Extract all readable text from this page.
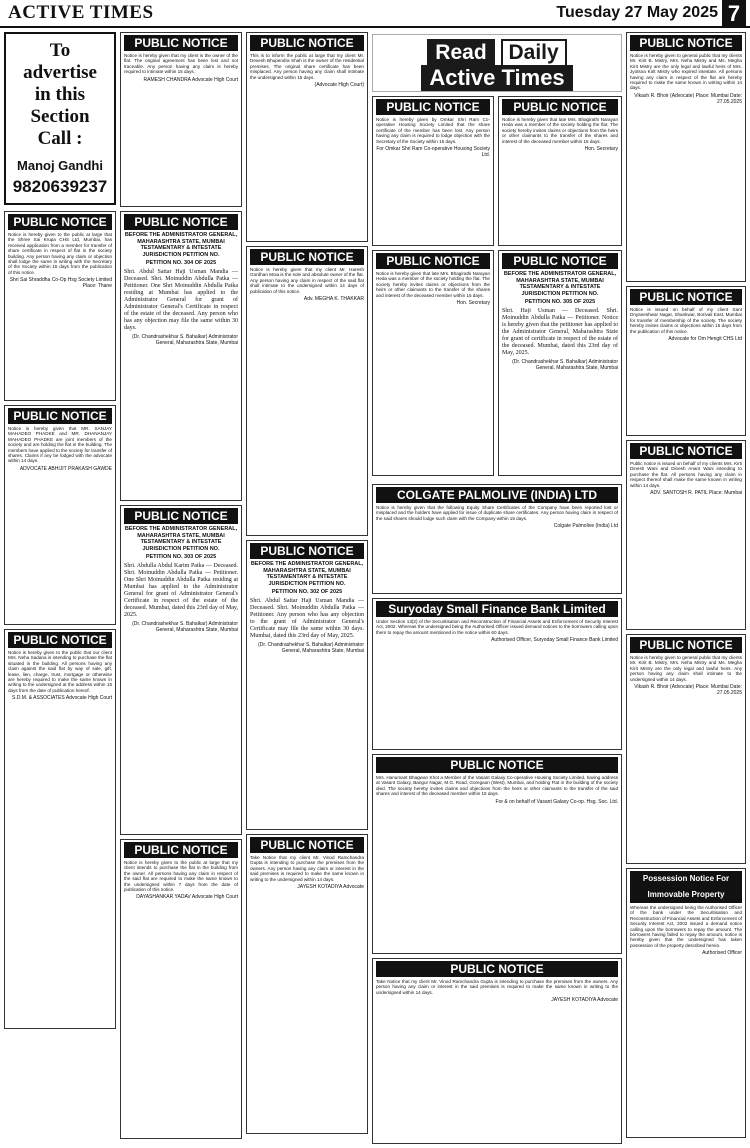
ACTIVE TIMES	Tuesday 27 May 2025 7
To
advertise
in this
Section
Call :
Manoj Gandhi
9820639237
PUBLIC NOTICE
Notice is hereby given to the public at large that the Shree Sai Krupa CHS Ltd, Mumbai, has received application from a member for transfer of share certificate in respect of flat in the society building. Any person having any claim or objection shall lodge the same in writing with the Secretary of the Society within 15 days from the publication of this notice.
Shri Sai Shraddha Co-Op Hsg Society Limited Place: Thane
PUBLIC NOTICE
Notice is hereby given that MR. SANJAY MAHADEO PHADKE and MR. DHANANJAY MAHADEO PHADKE are joint members of the society and are holding the flat in the building. The members have applied to the society for transfer of shares. Claims if any be lodged with the advocate within 14 days.
ADVOCATE ABHIJIT PRAKASH GAWDE
PUBLIC NOTICE
Notice is hereby given to the public that our client Mrs. Neha Sadana is intending to purchase the flat situated in the building. All persons having any claim against the said flat by way of sale, gift, lease, lien, charge, trust, mortgage or otherwise are hereby required to make the same known in writing to the undersigned at the address within 15 days from the date of publication hereof.
S.D.M. & ASSOCIATES Advocate High Court
PUBLIC NOTICE
Notice is hereby given that my client is the owner of the flat. The original agreement has been lost and not traceable. Any person having any claim is hereby required to intimate within 15 days.
RAMESH CHANDRA Advocate High Court
PUBLIC NOTICE
BEFORE THE ADMINISTRATOR GENERAL, MAHARASHTRA STATE, MUMBAI TESTAMENTARY & INTESTATE JURISDICTION PETITION NO.
PETITION NO. 304 OF 2025
Shri. Abdul Sattar Haji Usman Mandia — Deceased. Shri. Moinuddin Abdulla Patka — Petitioner. One Shri Moinuddin Abdulla Patka residing at Mumbai has applied to the Administrator General for grant of Administrator General's Certificate in respect of the estate of the deceased. Any person who has any objection may file the same within 30 days.
(Dr. Chandrashekhar S. Bahalkar) Administrator General, Maharashtra State, Mumbai
PUBLIC NOTICE
BEFORE THE ADMINISTRATOR GENERAL, MAHARASHTRA STATE, MUMBAI TESTAMENTARY & INTESTATE JURISDICTION PETITION NO.
PETITION NO. 303 OF 2025
Shri. Abdulla Abdul Karim Patka — Deceased. Shri. Moinuddin Abdulla Patka — Petitioner. One Shri Moinuddin Abdulla Patka residing at Mumbai has applied to the Administrator General for grant of Administrator General's Certificate in respect of the estate of the deceased. Mumbai, dated this 23rd day of May, 2025.
(Dr. Chandrashekhar S. Bahalkar) Administrator General, Maharashtra State, Mumbai
PUBLIC NOTICE
Notice is hereby given to the public at large that my client intends to purchase the flat in the building from the owner. All persons having any claim in respect of the said flat are required to make the same known to the undersigned within 7 days from the date of publication of this notice.
DAYASHANKAR YADAV Advocate High Court
PUBLIC NOTICE
This is to inform the public at large that my client Mr. Devesh Bhupendra Shah is the owner of the residential premises. The original share certificate has been misplaced. Any person having any claim shall intimate the undersigned within 15 days.
(Advocate High Court)
PUBLIC NOTICE
Notice is hereby given that my client Mr. Haresh Gordhan Moia is the sole and absolute owner of the flat. Any person having any claim in respect of the said flat shall intimate to the undersigned within 14 days of publication of this notice.
Adv. MEGHA K. THAKKAR
PUBLIC NOTICE
BEFORE THE ADMINISTRATOR GENERAL, MAHARASHTRA STATE, MUMBAI TESTAMENTARY & INTESTATE JURISDICTION PETITION NO.
PETITION NO. 302 OF 2025
Shri. Abdul Sattar Haji Usman Mandia — Deceased. Shri. Moinuddin Abdulla Patka — Petitioner. Any person who has any objection to the grant of Administrator General's Certificate may file the same within 30 days. Mumbai, dated this 23rd day of May, 2025.
(Dr. Chandrashekhar S. Bahalkar) Administrator General, Maharashtra State, Mumbai
PUBLIC NOTICE
Take Notice that my client Mr. Vinod Ramchandra Gupta is intending to purchase the premises from the owners. Any person having any claim or interest in the said premises is required to make the same known in writing to the undersigned within 14 days.
JAYESH KOTADIYA Advocate
Read Daily
Active Times
PUBLIC NOTICE
Notice is hereby given by Omkar Shri Ram Co-operative Housing Society Limited that the share certificate of the member has been lost. Any person having any claim is required to lodge objection with the Secretary of the Society within 15 days.
For Omkar Shri Ram Co-operative Housing Society Ltd.
PUBLIC NOTICE
Notice is hereby given that late Mrs. Bhagirathi Narayan Heda was a member of the society holding the flat. The society hereby invites claims or objections from the heirs or other claimants to the transfer of the shares and interest of the deceased member within 15 days.
Hon. Secretary
PUBLIC NOTICE
Notice is hereby given that late Mrs. Bhagirathi Narayan Heda was a member of the society holding the flat. The society hereby invites claims or objections from the heirs or other claimants to the transfer of the shares and interest of the deceased member within 15 days.
Hon. Secretary
PUBLIC NOTICE
BEFORE THE ADMINISTRATOR GENERAL, MAHARASHTRA STATE, MUMBAI TESTAMENTARY & INTESTATE JURISDICTION PETITION NO.
PETITION NO. 305 OF 2025
Shri. Haji Usman — Deceased. Shri. Moinuddin Abdulla Patka — Petitioner. Notice is hereby given that the petitioner has applied to the Administrator General, Maharashtra State for grant of certificate in respect of the estate of the deceased. Mumbai, dated this 23rd day of May, 2025.
(Dr. Chandrashekhar S. Bahalkar) Administrator General, Maharashtra State, Mumbai
COLGATE PALMOLIVE (INDIA) LTD
Notice is hereby given that the following Equity Share Certificates of the Company have been reported lost or misplaced and the holders have applied for issue of duplicate share certificates. Any person having claim in respect of the said shares should lodge such claim with the Company within 15 days.
Colgate Palmolive (India) Ltd
Suryoday Small Finance Bank Limited
Under Section 13(2) of the Securitisation and Reconstruction of Financial Assets and Enforcement of Security Interest Act, 2002. Whereas the undersigned being the Authorised Officer issued demand notices to the borrowers calling upon them to repay the amount mentioned in the notice within 60 days.
Authorised Officer, Suryoday Small Finance Bank Limited
PUBLIC NOTICE
Mrs. Hanumant Bhagwan Khot a Member of the Vasant Galaxy Co-operative Housing Society Limited, having address at Vasant Galaxy, Bangur Nagar, M.G. Road, Goregaon (West), Mumbai, and holding Flat in the building of the society died. The society hereby invites claims and objections from the heirs or other claimants to the transfer of the said shares and interest of the deceased member within 15 days.
For & on behalf of Vasant Galaxy Co-op. Hsg. Soc. Ltd.
PUBLIC NOTICE
Take Notice that my client Mr. Vinod Ramchandra Gupta is intending to purchase the premises from the owners. Any person having any claim or interest in the said premises is required to make the same known in writing to the undersigned within 14 days.
JAYESH KOTADIYA Advocate
PUBLIC NOTICE
Notice is hereby given to general public that my clients Mr. Kirit B. Mistry, Mrs. Neha Mistry and Ms. Megha Kirit Mistry are the only legal and lawful heirs of Mrs. Jyotsna Kirit Mistry who expired intestate. All persons having any claim in respect of the flat are hereby required to make the same known in writing within 14 days.
Vikash R. Bhoir (Advocate) Place: Mumbai Date: 27.05.2025
PUBLIC NOTICE
Notice is issued on behalf of my client Sant Dnyaneshwar Nagar, Shankwar, Borivali East, Mumbai for transfer of membership of the society. The society hereby invites claims or objections within 15 days from the publication of this notice.
Advocate for Om Hengit CHS Ltd
PUBLIC NOTICE
Public notice is issued on behalf of my clients Mrs. Kirti Dinesh Wani and Dinesh Anant Wani intending to purchase the flat. All persons having any claim in respect thereof shall make the same known in writing within 14 days.
ADV. SANTOSH R. PATIL Place: Mumbai
PUBLIC NOTICE
Notice is hereby given to general public that my clients Mr. Kirit B. Mistry, Mrs. Neha Mistry and Ms. Megha Kirit Mistry are the only legal and lawful heirs. Any person having any claim shall intimate to the undersigned within 14 days.
Vikash R. Bhoir (Advocate) Place: Mumbai Date: 27.05.2025
Possession Notice For Immovable Property
Whereas the undersigned being the Authorised Officer of the bank under the Securitisation and Reconstruction of Financial Assets and Enforcement of Security Interest Act, 2002 issued a demand notice calling upon the borrowers to repay the amount. The borrowers having failed to repay the amount, notice is hereby given that the undersigned has taken possession of the property described herein.
Authorised Officer
